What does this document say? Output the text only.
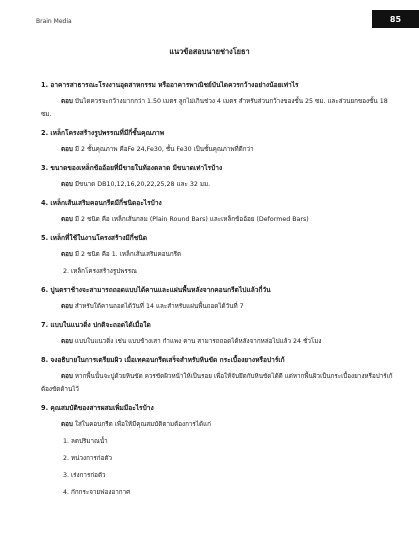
Brain Media	85
แนวข้อสอบนายช่างโยธา

1. อาคารสาธารณะโรงงานอุตสาหกรรม หรืออาคารพาณิชย์บันไดควรกว้างอย่างน้อยเท่าไร

ตอบ บันไดควรจะกว้างมากกว่า 1.50 เมตร ลูกไม่เกินช่วง 4 เมตร สำหรับส่วนกว้างของขั้น 25 ซม. และส่วนยกของขั้น 18 ซม.

2. เหล็กโครงสร้างรูปพรรณที่มีกี่ชั้นคุณภาพ

ตอบ มี 2 ชั้นคุณภาพ คือFe 24,Fe30, ชั้น Fe30 เป็นชั้นคุณภาพที่ดีกว่า

3. ขนาดของเหล็กข้ออ้อยที่มีขายในท้องตลาด มีขนาดเท่าไรบ้าง

ตอบ มีขนาด DB10,12,16,20,22,25,28 และ 32 มม.

4. เหล็กเส้นเสริมคอนกรีตมีกี่ชนิดอะไรบ้าง

ตอบ มี 2 ชนิด คือ เหล็กเส้นกลม (Plain Round Bars) และเหล็กข้ออ้อย (Deformed Bars)

5. เหล็กที่ใช้ในงานโครงสร้างมีกี่ชนิด

ตอบ มี 2 ชนิด คือ 1. เหล็กเส้นเสริมคอนกรีต

2. เหล็กโครงสร้างรูปพรรณ

6. ปูนตราช้างจะสามารถถอดแบบได้คานและแผ่นพื้นหลังจากคอนกรีตไปแล้วกี่วัน

ตอบ สำหรับใต้คานถอดได้วันที่ 14 และสำหรับแผ่นพื้นถอดได้วันที่ 7

7. แบบในแนวดิ่ง ปกติจะถอดได้เมื่อใด

ตอบ แบบในแนวดิ่ง เช่น แบบข้างเสา กำแพง คาน สามารถถอดได้หลังจากหล่อไปแล้ว 24 ชั่วโมง

8. จงอธิบายในการเตรียมผิว เมื่อเทคอนกรีตเสร็จสำหรับหินขัด กระเบื้องยางหรือปาร์เก้

ตอบ หากพื้นนั้นจะปูด้วยหินขัด ควรขัดผิวหน้าให้เป็นรอย เพื่อให้จับยึดกับหินขัดได้ดี แต่หากพื้นผิวเป็นกระเบื้องยางหรือปาร์เก้ต้องขัดด้านไว้

9. คุณสมบัติของสารผสมเพิ่มมีอะไรบ้าง

ตอบ ใส่ในคอนกรีต เพื่อให้มีคุณสมบัติตามต้องการได้แก่

1. ลดปริมาณน้ำ

2. หน่วงการก่อตัว

3. เร่งการก่อตัว

4. กักกระจายฟองอากาศ
